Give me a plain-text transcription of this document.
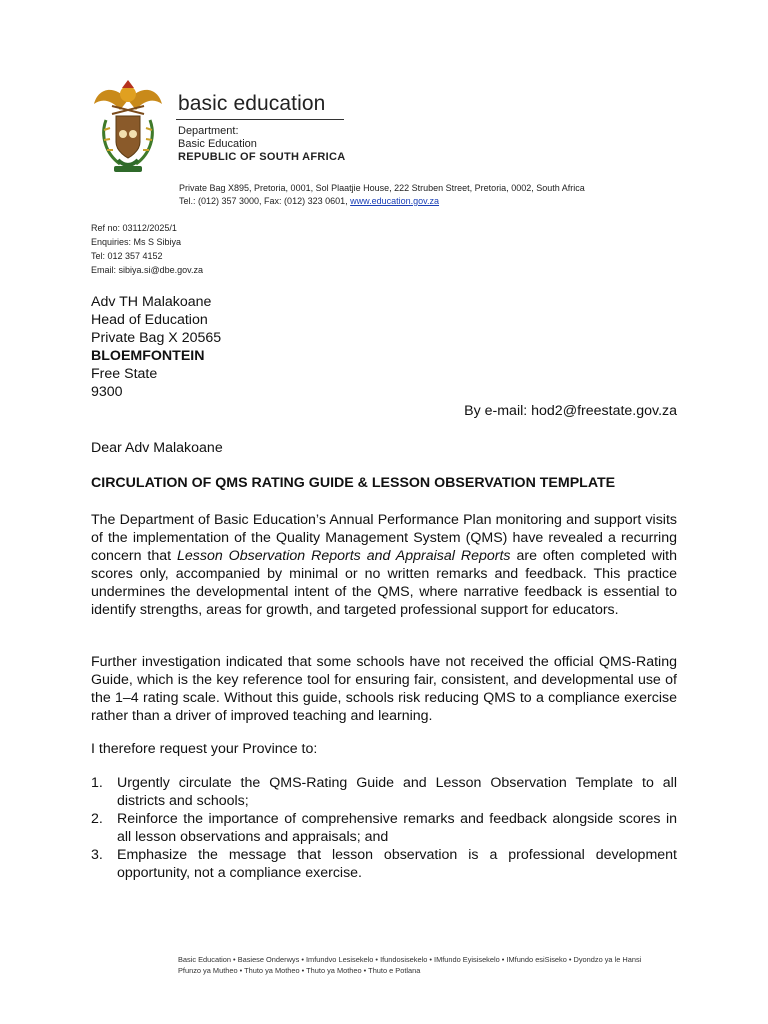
basic education
Department:
Basic Education
REPUBLIC OF SOUTH AFRICA
Private Bag X895, Pretoria, 0001, Sol Plaatjie House, 222 Struben Street, Pretoria, 0002, South Africa
Tel.: (012) 357 3000, Fax: (012) 323 0601, www.education.gov.za
Ref no: 03112/2025/1
Enquiries: Ms S Sibiya
Tel: 012 357 4152
Email: sibiya.si@dbe.gov.za
Adv TH Malakoane
Head of Education
Private Bag X 20565
BLOEMFONTEIN
Free State
9300
By e-mail: hod2@freestate.gov.za
Dear Adv Malakoane
CIRCULATION OF QMS RATING GUIDE & LESSON OBSERVATION TEMPLATE

The Department of Basic Education’s Annual Performance Plan monitoring and support visits of the implementation of the Quality Management System (QMS) have revealed a recurring concern that Lesson Observation Reports and Appraisal Reports are often completed with scores only, accompanied by minimal or no written remarks and feedback. This practice undermines the developmental intent of the QMS, where narrative feedback is essential to identify strengths, areas for growth, and targeted professional support for educators.

Further investigation indicated that some schools have not received the official QMS-Rating Guide, which is the key reference tool for ensuring fair, consistent, and developmental use of the 1–4 rating scale. Without this guide, schools risk reducing QMS to a compliance exercise rather than a driver of improved teaching and learning.

I therefore request your Province to:

1. Urgently circulate the QMS-Rating Guide and Lesson Observation Template to all districts and schools;
2. Reinforce the importance of comprehensive remarks and feedback alongside scores in all lesson observations and appraisals; and
3. Emphasize the message that lesson observation is a professional development opportunity, not a compliance exercise.
Basic Education • Basiese Onderwys • Imfundvo Lesisekelo • Ifundosisekelo • IMfundo Eyisisekelo • IMfundo esiSiseko • Dyondzo ya le Hansi
Pfunzo ya Mutheo • Thuto ya Motheo • Thuto ya Motheo • Thuto e Potlana
